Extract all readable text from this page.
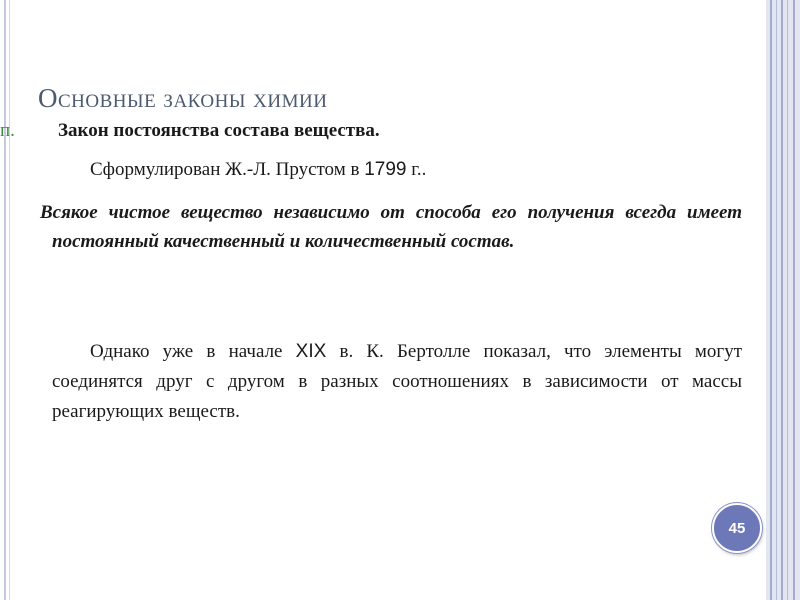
Основные законы химии
п. Закон постоянства состава вещества.
Сформулирован Ж.-Л. Прустом в 1799 г..

Всякое чистое вещество независимо от способа его получения всегда имеет постоянный качественный и количественный состав.

Однако уже в начале XIX в. К. Бертолле показал, что элементы могут соединятся друг с другом в разных соотношениях в зависимости от массы реагирующих веществ.

45
